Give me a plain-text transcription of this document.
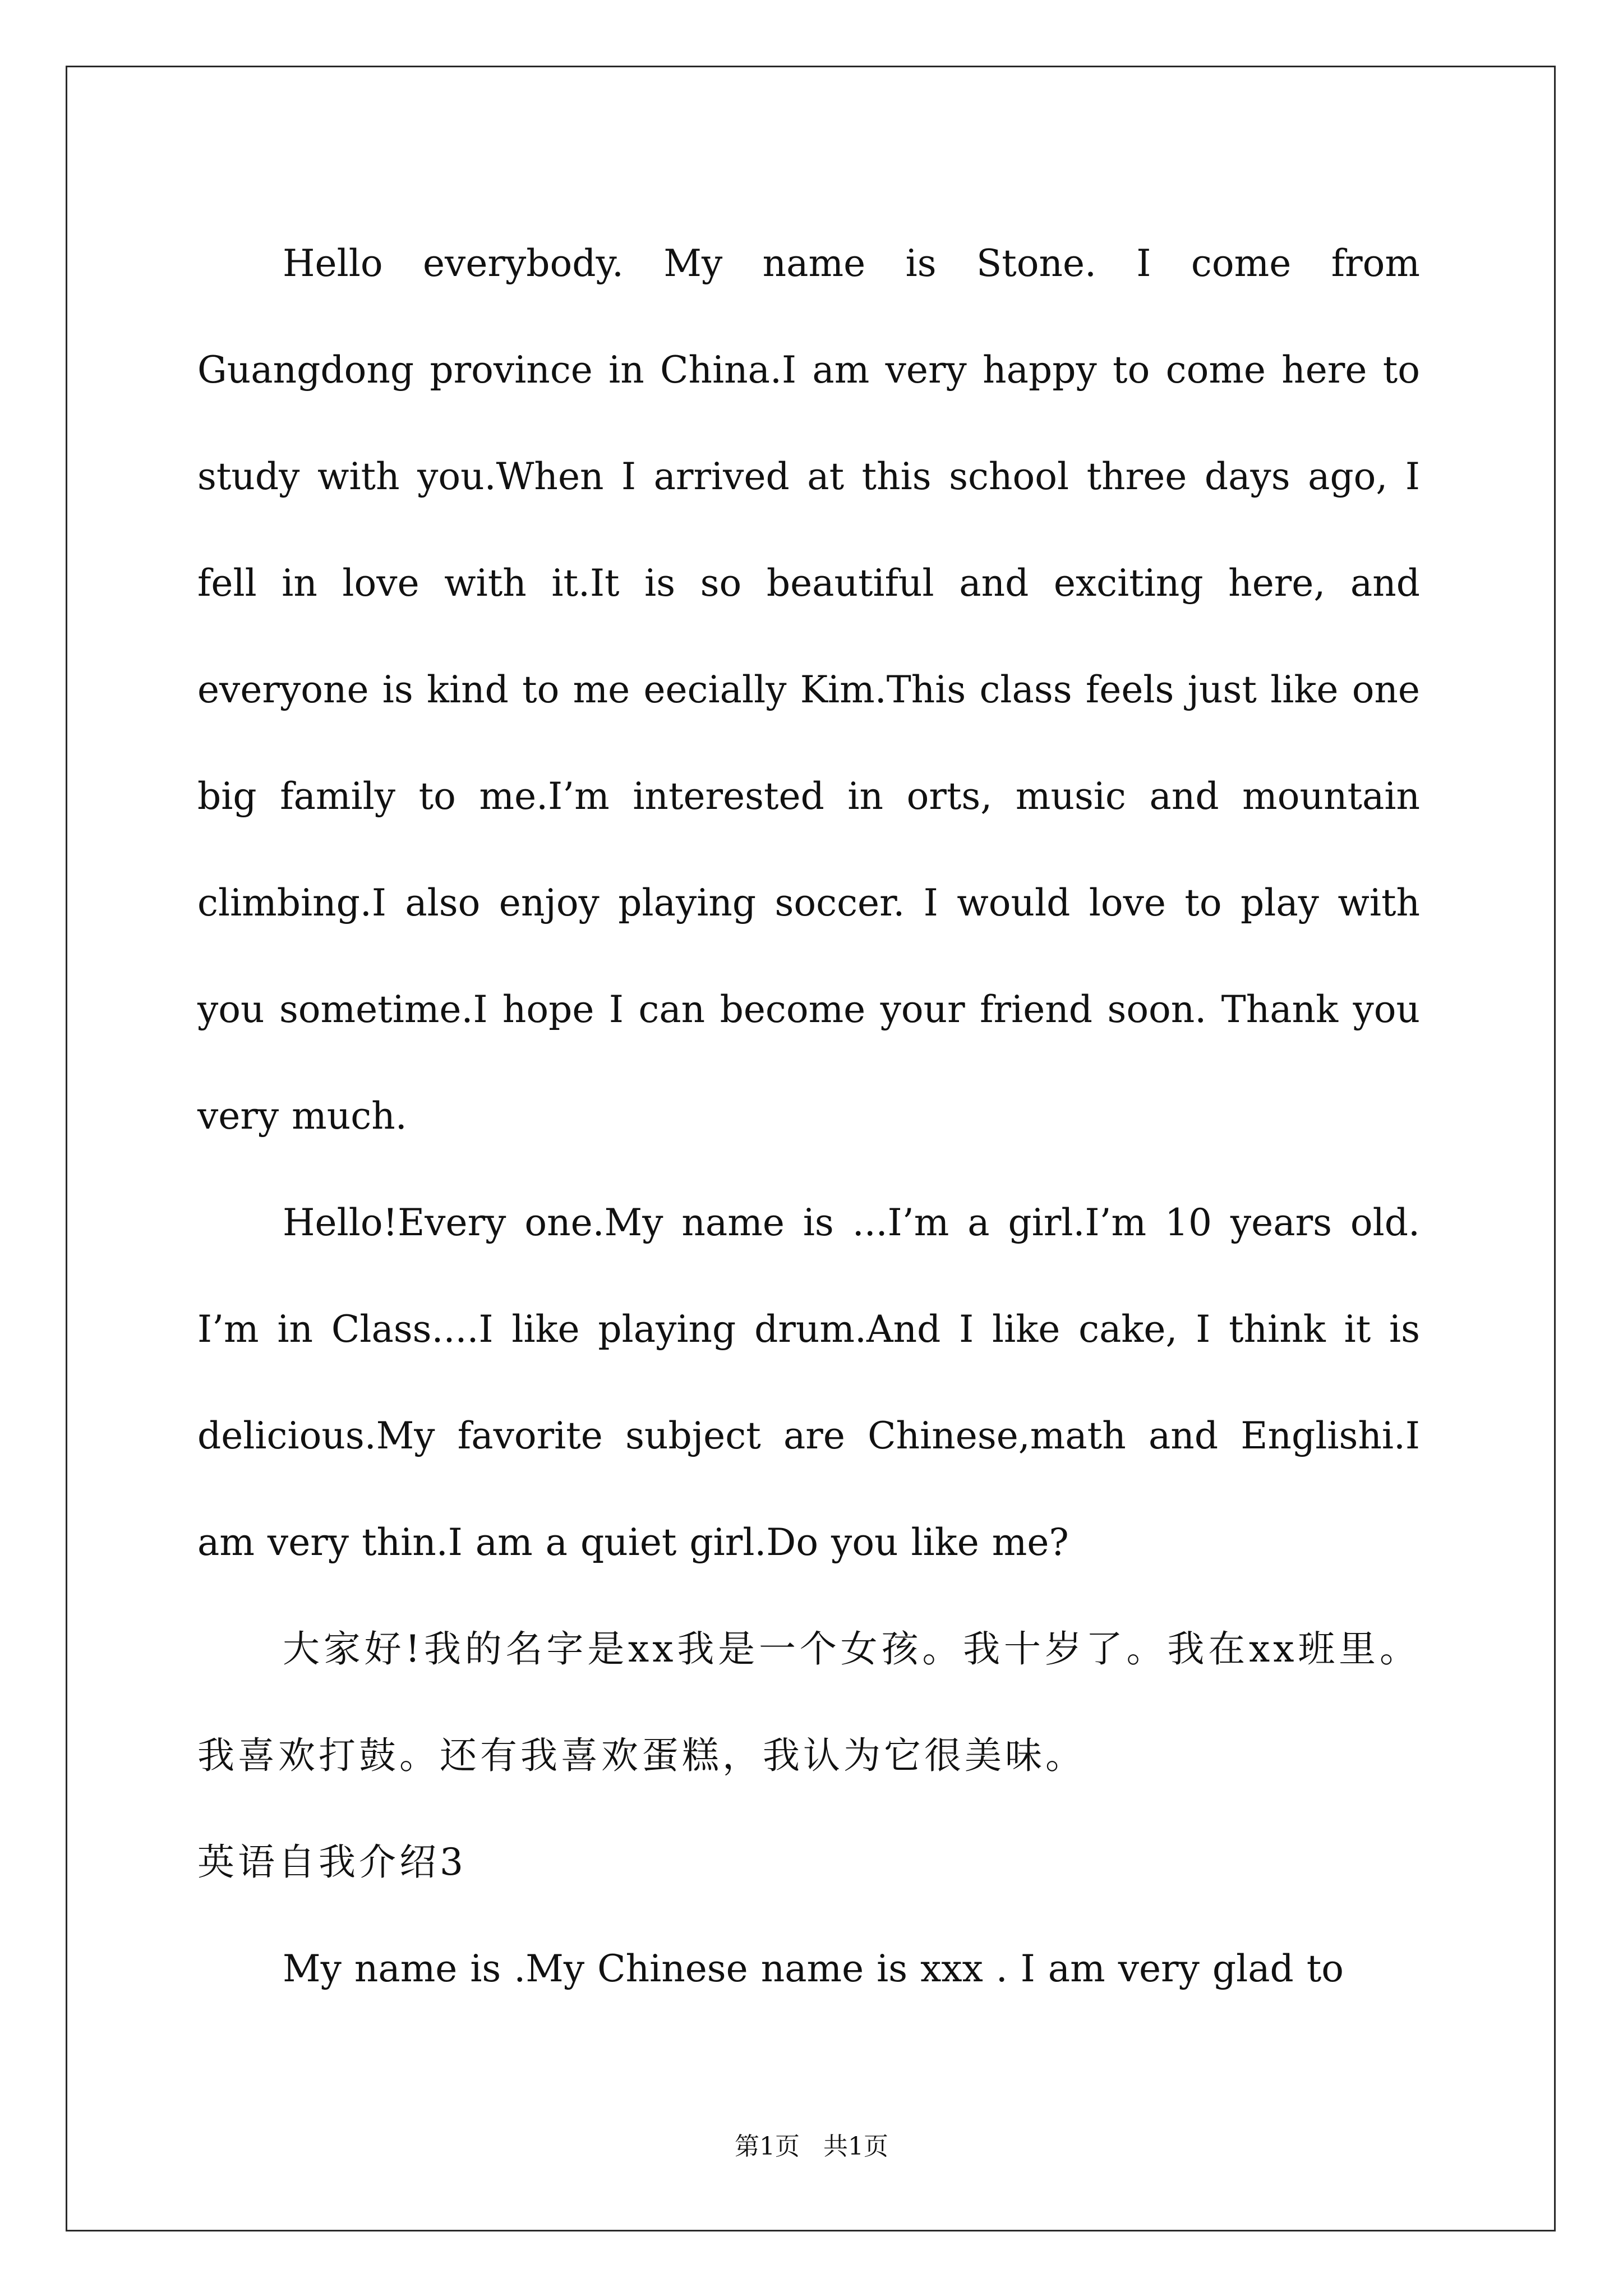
Hello everybody. My name is Stone. I come from Guangdong province in China.I am very happy to come here to study with you.When I arrived at this school three days ago, I fell in love with it.It is so beautiful and exciting here, and everyone is kind to me eecially Kim.This class feels just like one big family to me.I’m interested in orts, music and mountain climbing.I also enjoy playing soccer. I would love to play with you sometime.I hope I can become your friend soon. Thank you very much.

Hello!Every one.My name is ...I’m a girl.I’m 10 years old. I’m in Class....I like playing drum.And I like cake, I think it is delicious.My favorite subject are Chinese,math and Englishi.I am very thin.I am a quiet girl.Do you like me?

大家好!我的名字是xx我是一个女孩。我十岁了。我在xx班里。我喜欢打鼓。还有我喜欢蛋糕，我认为它很美味。

英语自我介绍3

My name is .My Chinese name is xxx . I am very glad to

第1页 共1页
